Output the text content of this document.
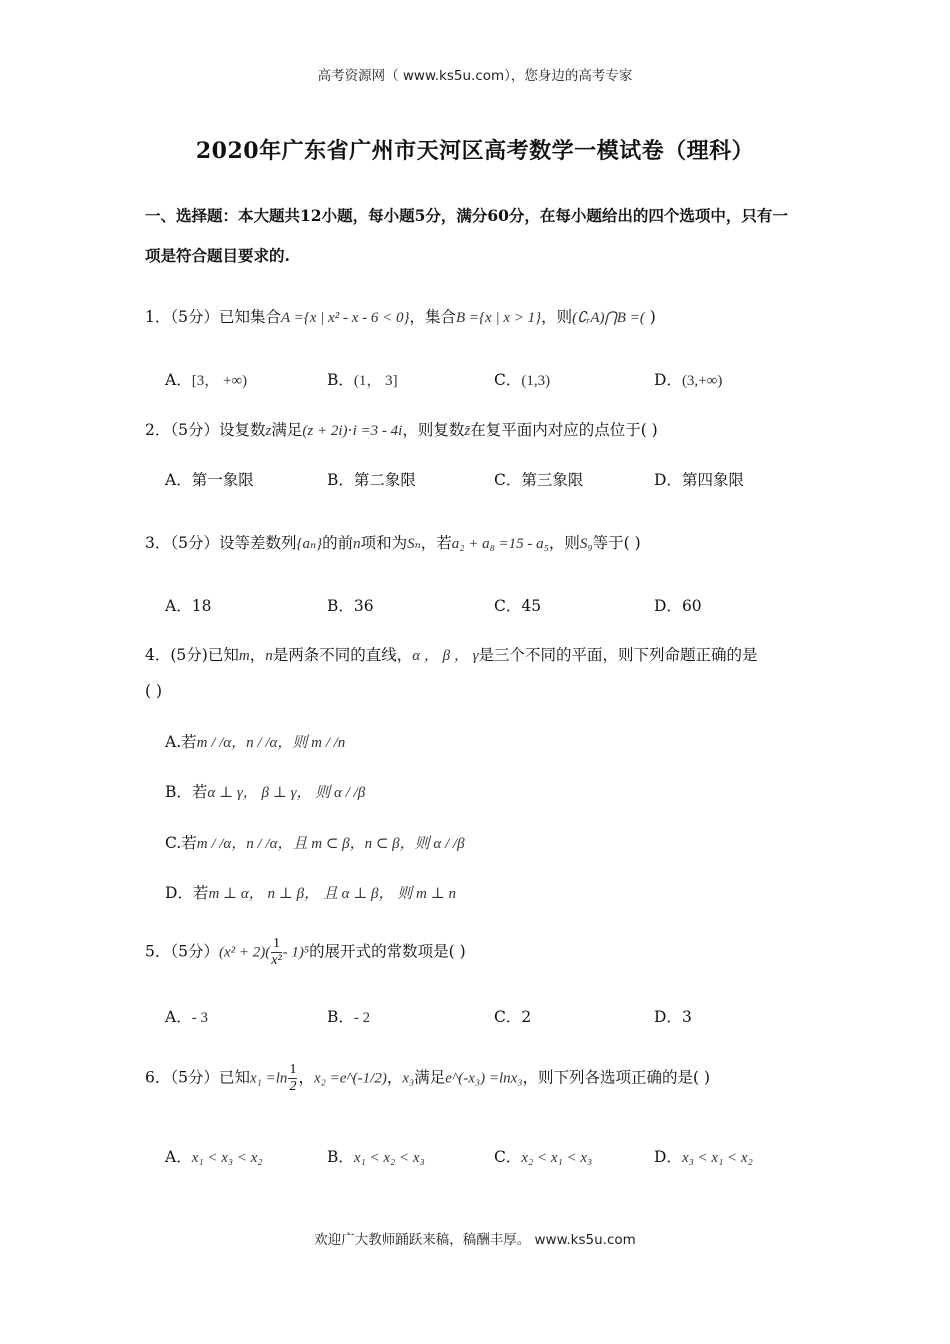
高考资源网（ www.ks5u.com），您身边的高考专家
2020年广东省广州市天河区高考数学一模试卷（理科）
一、选择题：本大题共12小题，每小题5分，满分60分，在每小题给出的四个选项中，只有一
项是符合题目要求的.
1．（5分）已知集合A ={x | x² - x - 6 < 0}，集合B ={x | x > 1}，则(∁ᵣA)⋂B =( )
A．[3， +∞)	B．(1， 3]	C．(1,3)	D．(3,+∞)
2．（5分）设复数z满足(z + 2i)⋅i =3 - 4i，则复数z̄在复平面内对应的点位于( )
A．第一象限	B．第二象限	C．第三象限	D．第四象限
3．（5分）设等差数列{aₙ}的前n项和为Sₙ，若a₂ + a₈ =15 - a₅，则S₉等于( )
A．18	B．36	C．45	D．60
4．(5分)已知m，n是两条不同的直线，α ， β ， γ是三个不同的平面，则下列命题正确的是
( )
A.若m / /α，n / /α，则 m / /n
B．若α ⊥ γ， β ⊥ γ， 则 α / /β
C.若m / /α，n / /α，且 m ⊂ β，n ⊂ β，则 α / /β
D．若m ⊥ α， n ⊥ β， 且 α ⊥ β， 则 m ⊥ n
5．（5分）$(x^2 + 2)( \frac{1}{\text{x²}} - 1)^5$的展开式的常数项是( )
A．- 3	B．- 2	C．2	D．3
6．（5分）已知$x_1 =\ln \frac{1}{2}$ ，x₂ =e^(-1/2)，x₃满足e^(-x₃) =lnx₃，则下列各选项正确的是( )
A．x₁ < x₃ < x₂	B．x₁ < x₂ < x₃	C．x₂ < x₁ < x₃	D．x₃ < x₁ < x₂
欢迎广大教师踊跃来稿，稿酬丰厚。 www.ks5u.com
